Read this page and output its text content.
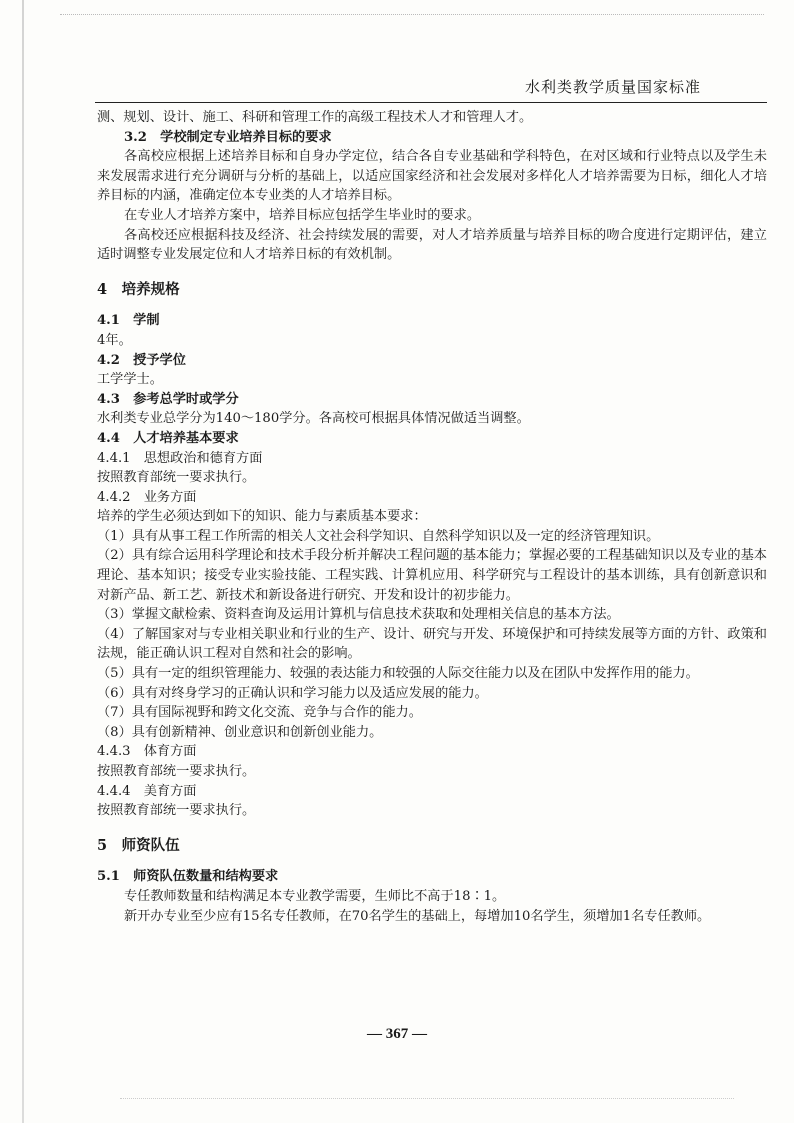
水利类教学质量国家标准

测、规划、设计、施工、科研和管理工作的高级工程技术人才和管理人才。

3.2　学校制定专业培养目标的要求

各高校应根据上述培养目标和自身办学定位，结合各自专业基础和学科特色，在对区域和行业特点以及学生未来发展需求进行充分调研与分析的基础上，以适应国家经济和社会发展对多样化人才培养需要为日标，细化人才培养目标的内涵，准确定位本专业类的人才培养目标。

在专业人才培养方案中，培养目标应包括学生毕业时的要求。

各高校还应根据科技及经济、社会持续发展的需要，对人才培养质量与培养目标的吻合度进行定期评估，建立适时调整专业发展定位和人才培养日标的有效机制。

4　培养规格

4.1　学制

4年。

4.2　授予学位

工学学士。

4.3　参考总学时或学分

水利类专业总学分为140～180学分。各高校可根据具体情况做适当调整。

4.4　人才培养基本要求

4.4.1　思想政治和德育方面

按照教育部统一要求执行。

4.4.2　业务方面

培养的学生必须达到如下的知识、能力与素质基本要求：

（1）具有从事工程工作所需的相关人文社会科学知识、自然科学知识以及一定的经济管理知识。

（2）具有综合运用科学理论和技术手段分析并解决工程问题的基本能力；掌握必要的工程基础知识以及专业的基本理论、基本知识；接受专业实验技能、工程实践、计算机应用、科学研究与工程设计的基本训练，具有创新意识和对新产品、新工艺、新技术和新设备进行研究、开发和设计的初步能力。

（3）掌握文献检索、资料查询及运用计算机与信息技术获取和处理相关信息的基本方法。

（4）了解国家对与专业相关职业和行业的生产、设计、研究与开发、环境保护和可持续发展等方面的方针、政策和法规，能正确认识工程对自然和社会的影响。

（5）具有一定的组织管理能力、较强的表达能力和较强的人际交往能力以及在团队中发挥作用的能力。

（6）具有对终身学习的正确认识和学习能力以及适应发展的能力。

（7）具有国际视野和跨文化交流、竞争与合作的能力。

（8）具有创新精神、创业意识和创新创业能力。

4.4.3　体育方面

按照教育部统一要求执行。

4.4.4　美育方面

按照教育部统一要求执行。

5　师资队伍

5.1　师资队伍数量和结构要求

专任教师数量和结构满足本专业教学需要，生师比不高于18∶1。

新开办专业至少应有15名专任教师，在70名学生的基础上，每增加10名学生，须增加1名专任教师。

— 367 —
